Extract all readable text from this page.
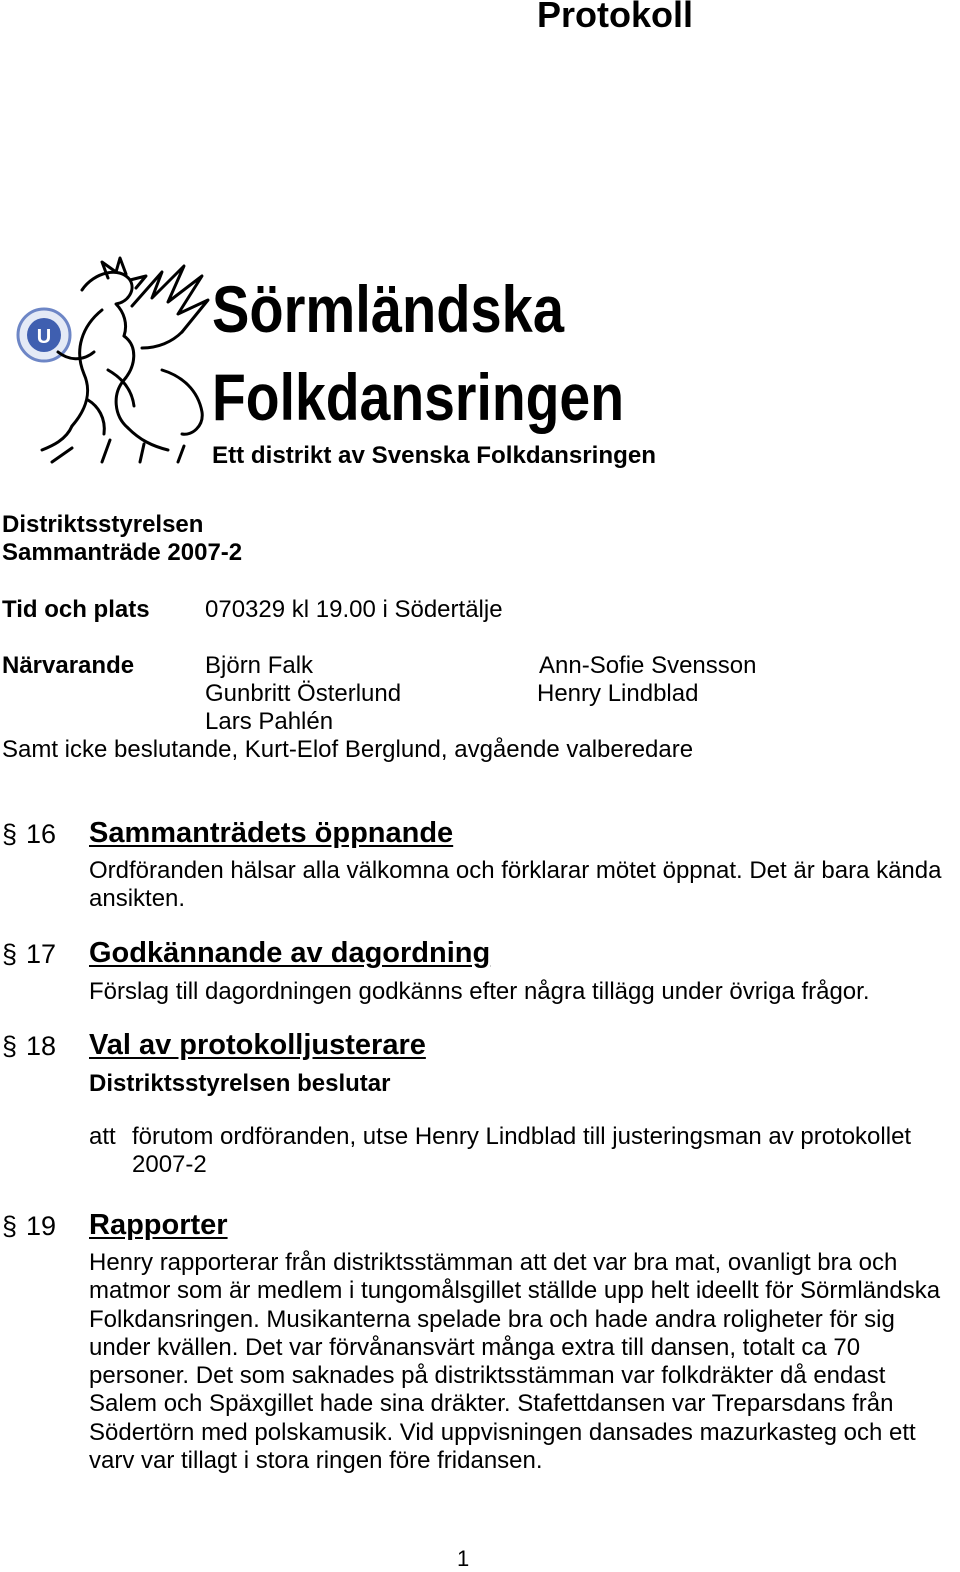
Protokoll
U Sörmländska
Folkdansringen
Ett distrikt av Svenska Folkdansringen
Distriktsstyrelsen
Sammanträde 2007-2
Tid och plats 070329 kl 19.00 i Södertälje
Närvarande	Björn Falk
Gunbritt Österlund
Lars Pahlén
Ann-Sofie Svensson
Henry Lindblad
Samt icke beslutande, Kurt-Elof Berglund, avgående valberedare
§ 16 Sammanträdets öppnande
Ordföranden hälsar alla välkomna och förklarar mötet öppnat. Det är bara kända ansikten.
§ 17 Godkännande av dagordning
Förslag till dagordningen godkänns efter några tillägg under övriga frågor.
§ 18 Val av protokolljusterare
Distriktsstyrelsen beslutar
att förutom ordföranden, utse Henry Lindblad till justeringsman av protokollet 2007-2
§ 19 Rapporter
Henry rapporterar från distriktsstämman att det var bra mat, ovanligt bra och matmor som är medlem i tungomålsgillet ställde upp helt ideellt för Sörmländska Folkdansringen. Musikanterna spelade bra och hade andra roligheter för sig under kvällen. Det var förvånansvärt många extra till dansen, totalt ca 70 personer. Det som saknades på distriktsstämman var folkdräkter då endast Salem och Späxgillet hade sina dräkter. Stafettdansen var Treparsdans från Södertörn med polskamusik. Vid uppvisningen dansades mazurkasteg och ett varv var tillagt i stora ringen före fridansen.
1
